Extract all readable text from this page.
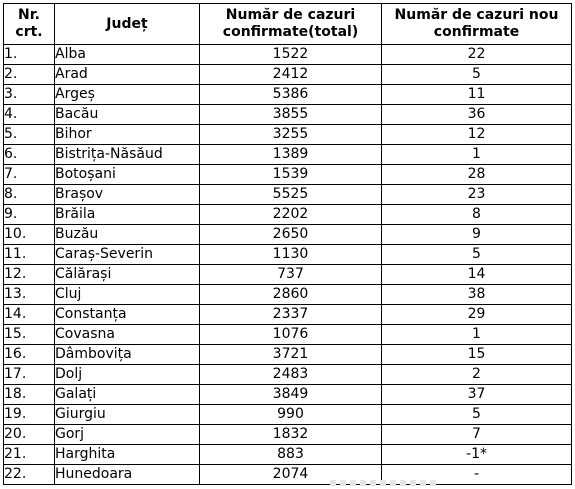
Nr. crt.	Județ	Număr de cazuri confirmate(total)	Număr de cazuri nou confirmate
1.	Alba	1522	22
2.	Arad	2412	5
3.	Argeș	5386	11
4.	Bacău	3855	36
5.	Bihor	3255	12
6.	Bistrița-Năsăud	1389	1
7.	Botoșani	1539	28
8.	Brașov	5525	23
9.	Brăila	2202	8
10.	Buzău	2650	9
11.	Caraș-Severin	1130	5
12.	Călărași	737	14
13.	Cluj	2860	38
14.	Constanța	2337	29
15.	Covasna	1076	1
16.	Dâmbovița	3721	15
17.	Dolj	2483	2
18.	Galați	3849	37
19.	Giurgiu	990	5
20.	Gorj	1832	7
21.	Harghita	883	-1*
22.	Hunedoara	2074	-
